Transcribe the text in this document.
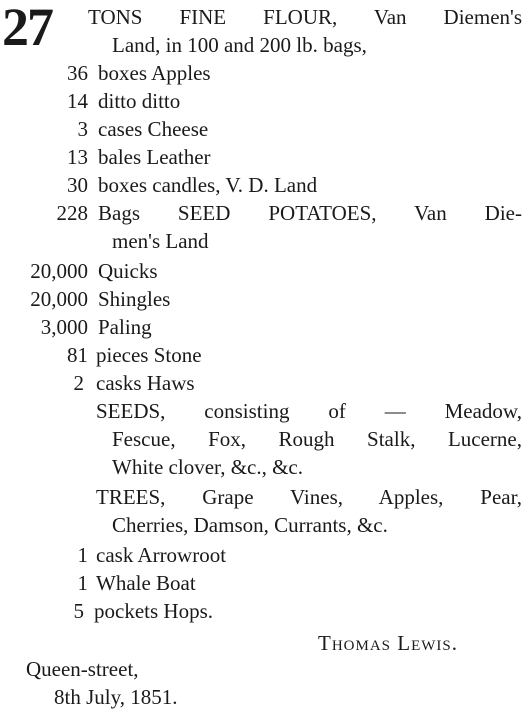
27 TONS FINE FLOUR, Van Diemen's
Land, in 100 and 200 lb. bags,
36 boxes Apples
14 ditto ditto
3 cases Cheese
13 bales Leather
30 boxes candles, V. D. Land
228 Bags SEED POTATOES, Van Die-
men's Land
20,000 Quicks
20,000 Shingles
3,000 Paling
81 pieces Stone
2 casks Haws
SEEDS, consisting of — Meadow,
Fescue, Fox, Rough Stalk, Lucerne,
White clover, &c., &c.
TREES, Grape Vines, Apples, Pear,
Cherries, Damson, Currants, &c.
1 cask Arrowroot
1 Whale Boat
5 pockets Hops.
Thomas Lewis.
Queen-street,
8th July, 1851.
